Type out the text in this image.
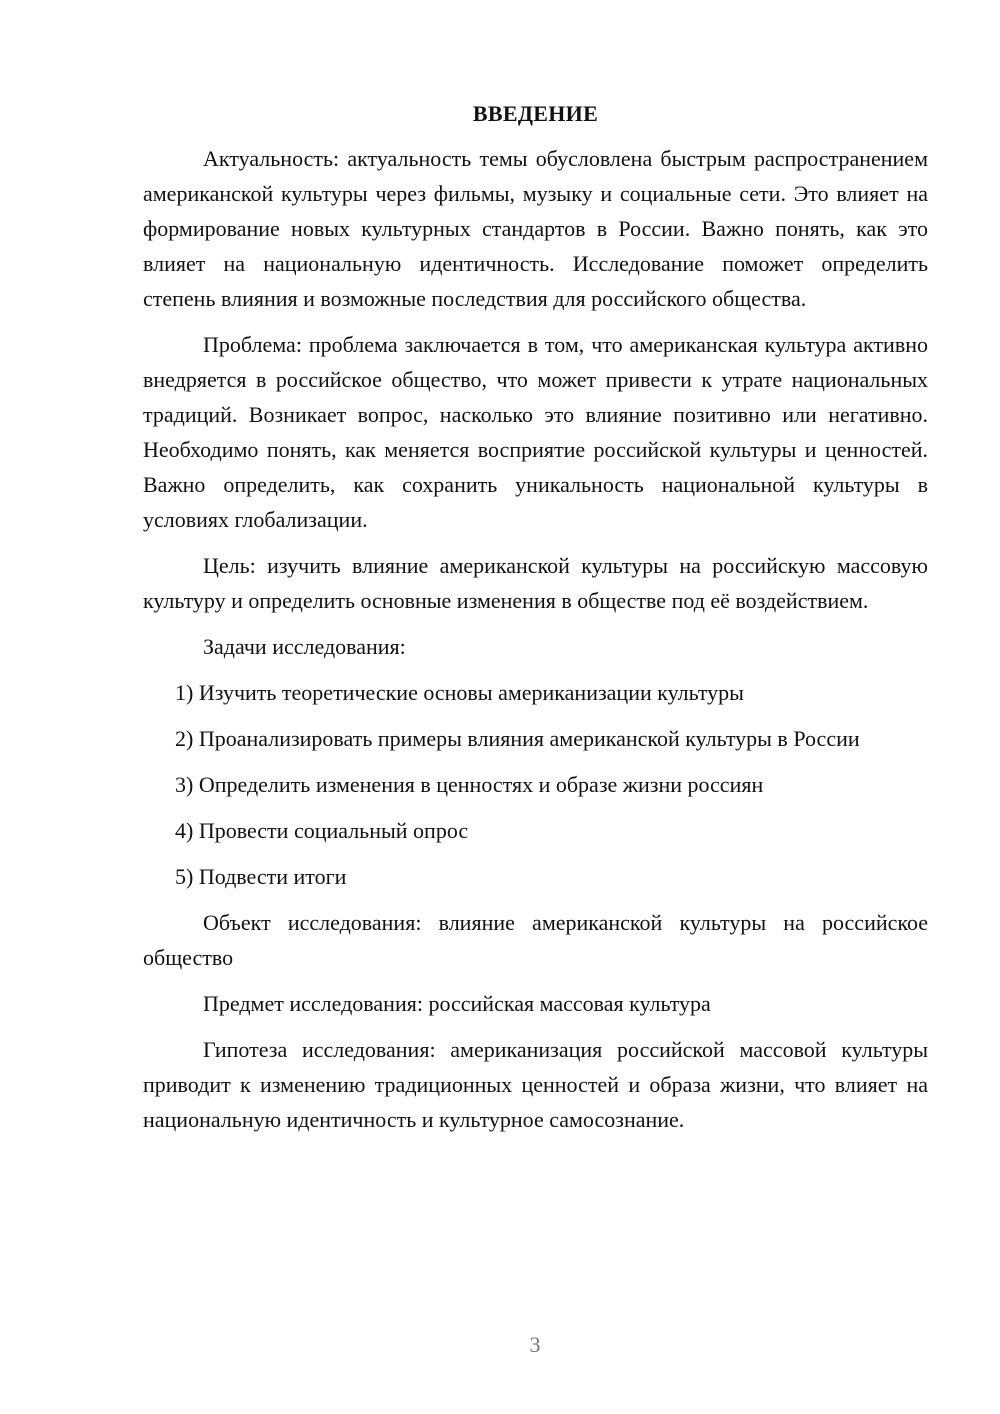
ВВЕДЕНИЕ

Актуальность: актуальность темы обусловлена быстрым распространением американской культуры через фильмы, музыку и социальные сети. Это влияет на формирование новых культурных стандартов в России. Важно понять, как это влияет на национальную идентичность. Исследование поможет определить степень влияния и возможные последствия для российского общества.

Проблема: проблема заключается в том, что американская культура активно внедряется в российское общество, что может привести к утрате национальных традиций. Возникает вопрос, насколько это влияние позитивно или негативно. Необходимо понять, как меняется восприятие российской культуры и ценностей. Важно определить, как сохранить уникальность национальной культуры в условиях глобализации.

Цель: изучить влияние американской культуры на российскую массовую культуру и определить основные изменения в обществе под её воздействием.

Задачи исследования:

1) Изучить теоретические основы американизации культуры

2) Проанализировать примеры влияния американской культуры в России

3) Определить изменения в ценностях и образе жизни россиян

4) Провести социальный опрос

5) Подвести итоги

Объект исследования: влияние американской культуры на российское общество

Предмет исследования: российская массовая культура

Гипотеза исследования: американизация российской массовой культуры приводит к изменению традиционных ценностей и образа жизни, что влияет на национальную идентичность и культурное самосознание.

3
